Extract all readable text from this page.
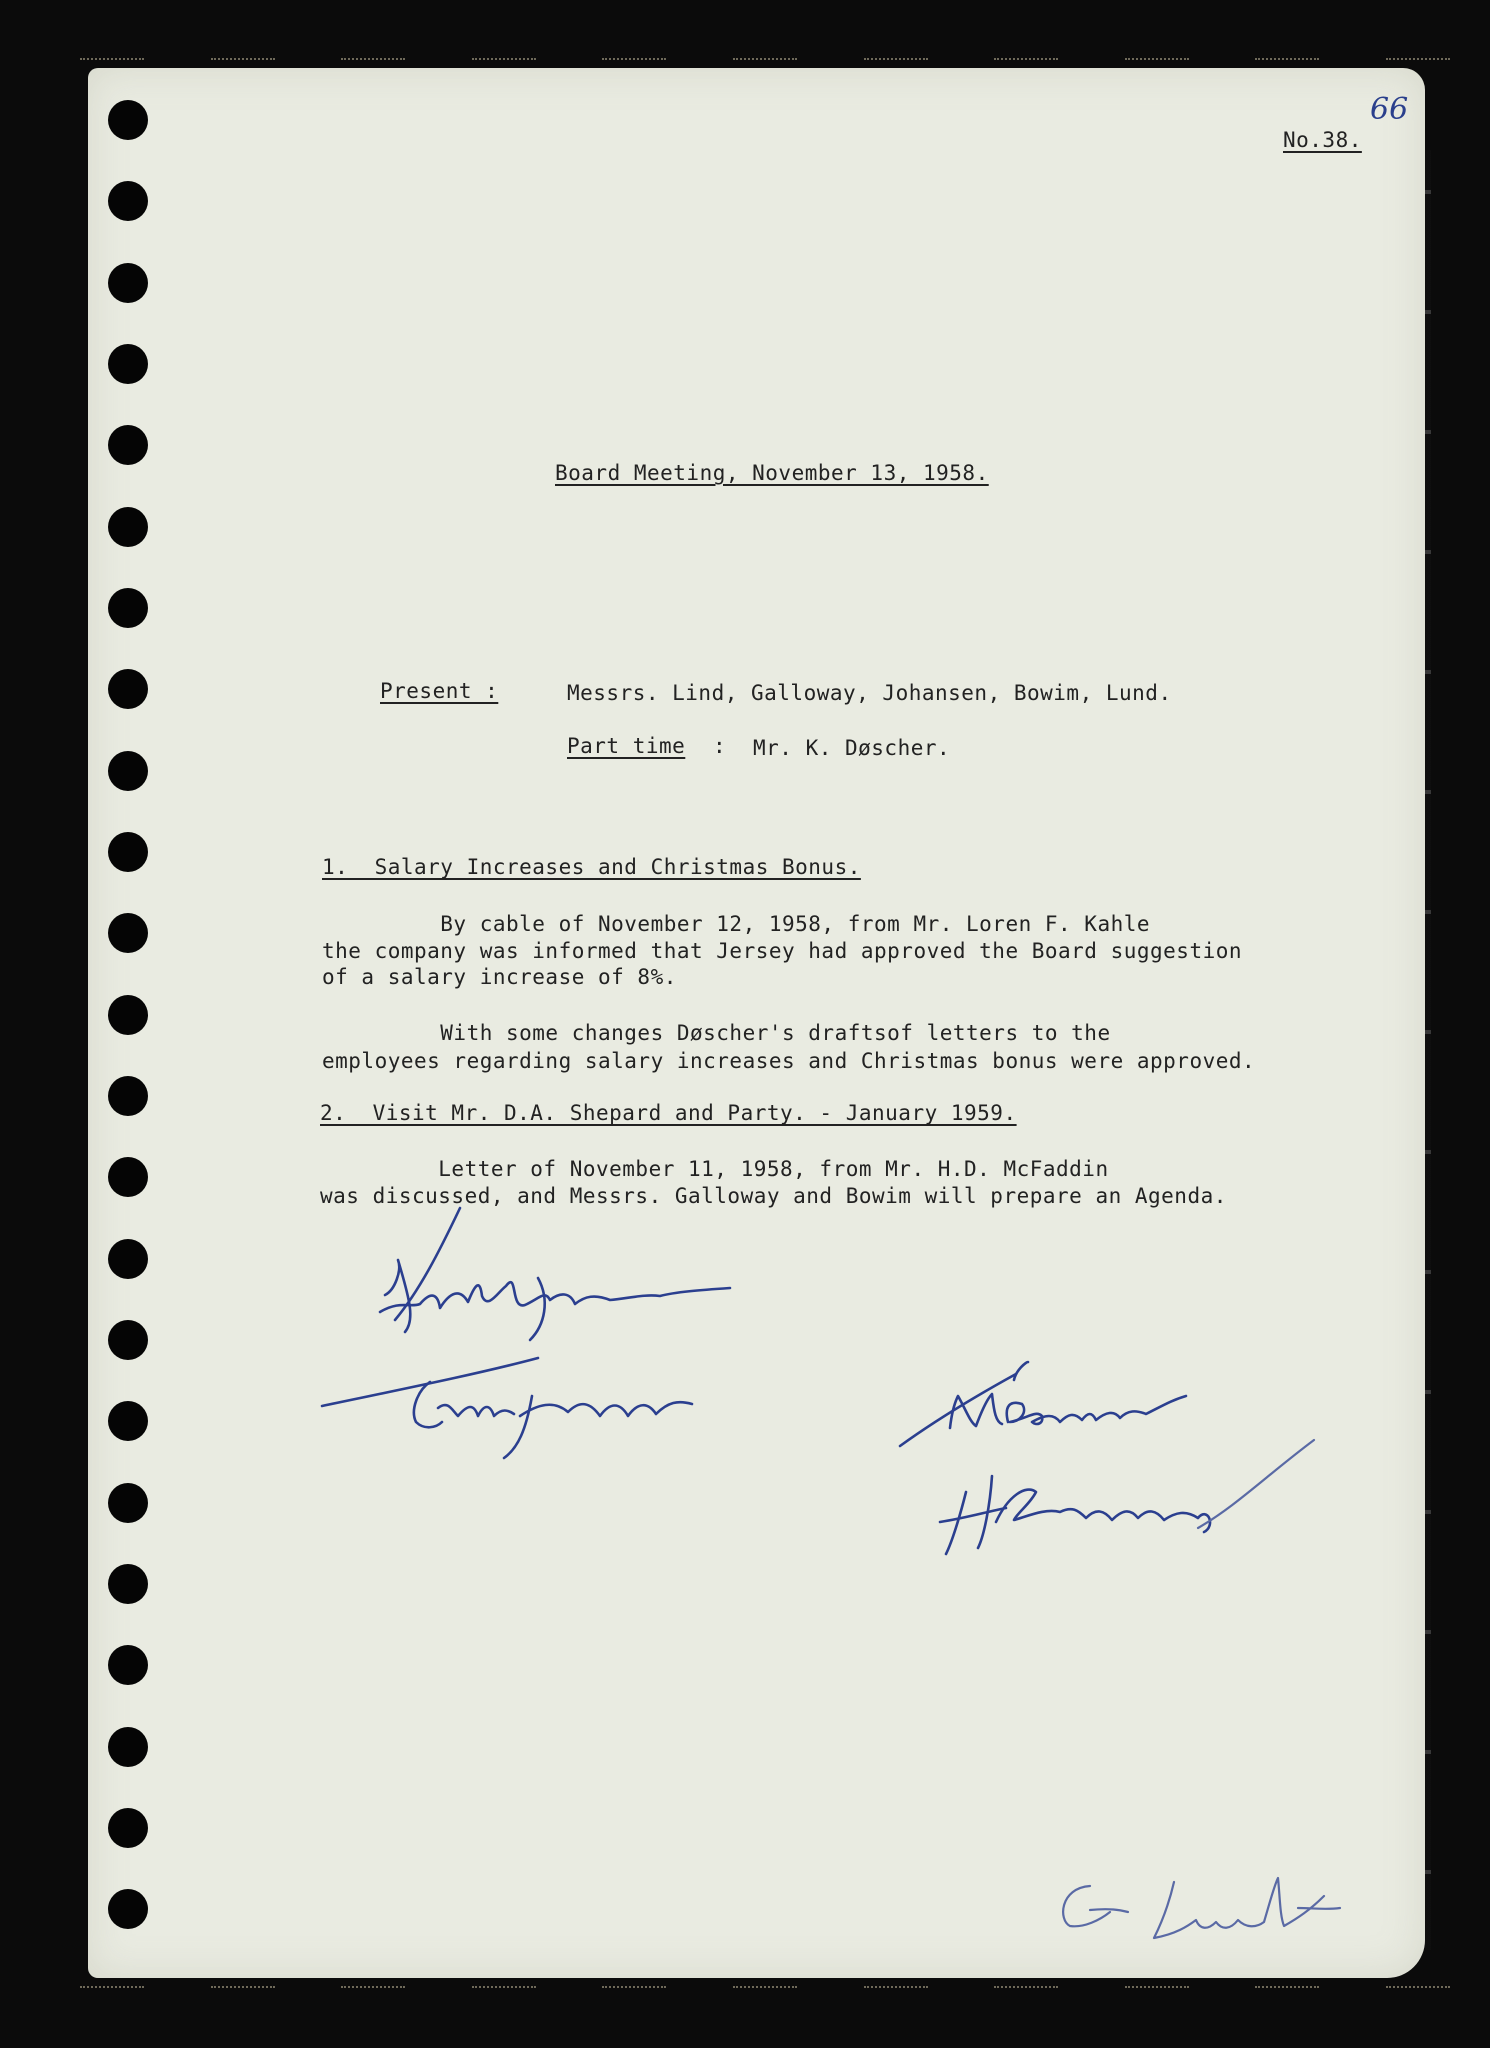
66

No.38.

Board Meeting, November 13, 1958.

Present :	Messrs. Lind, Galloway, Johansen, Bowim, Lund.

Part time : Mr. K. Døscher.

1.  Salary Increases and Christmas Bonus.

By cable of November 12, 1958, from Mr. Loren F. Kahle

the company was informed that Jersey had approved the Board suggestion

of a salary increase of 8%.

With some changes Døscher's draftsof letters to the

employees regarding salary increases and Christmas bonus were approved.

2.  Visit Mr. D.A. Shepard and Party. - January 1959.

Letter of November 11, 1958, from Mr. H.D. McFaddin

was discussed, and Messrs. Galloway and Bowim will prepare an Agenda.
